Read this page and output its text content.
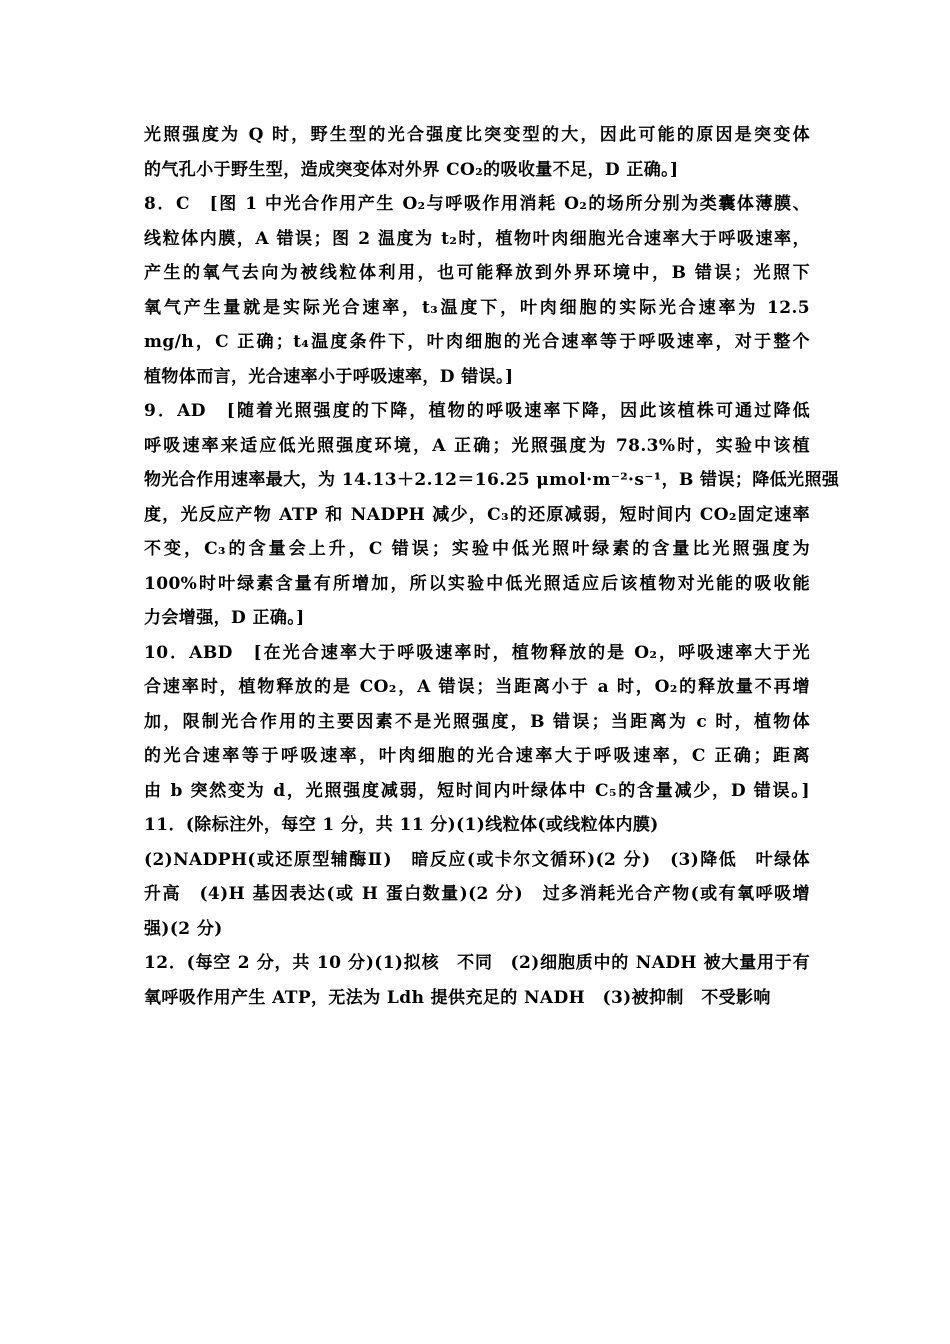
光照强度为 Q 时，野生型的光合强度比突变型的大，因此可能的原因是突变体
的气孔小于野生型，造成突变体对外界 CO₂的吸收量不足，D 正确。]
8．C　[图 1 中光合作用产生 O₂与呼吸作用消耗 O₂的场所分别为类囊体薄膜、
线粒体内膜，A 错误；图 2 温度为 t₂时，植物叶肉细胞光合速率大于呼吸速率，
产生的氧气去向为被线粒体利用，也可能释放到外界环境中，B 错误；光照下
氧气产生量就是实际光合速率，t₃温度下，叶肉细胞的实际光合速率为 12.5
mg/h，C 正确；t₄温度条件下，叶肉细胞的光合速率等于呼吸速率，对于整个
植物体而言，光合速率小于呼吸速率，D 错误。]
9．AD　[随着光照强度的下降，植物的呼吸速率下降，因此该植株可通过降低
呼吸速率来适应低光照强度环境，A 正确；光照强度为 78.3%时，实验中该植
物光合作用速率最大，为 14.13＋2.12＝16.25 μmol·m⁻²·s⁻¹，B 错误；降低光照强
度，光反应产物 ATP 和 NADPH 减少，C₃的还原减弱，短时间内 CO₂固定速率
不变，C₃的含量会上升，C 错误；实验中低光照叶绿素的含量比光照强度为
100%时叶绿素含量有所增加，所以实验中低光照适应后该植物对光能的吸收能
力会增强，D 正确。]
10．ABD　[在光合速率大于呼吸速率时，植物释放的是 O₂，呼吸速率大于光
合速率时，植物释放的是 CO₂，A 错误；当距离小于 a 时，O₂的释放量不再增
加，限制光合作用的主要因素不是光照强度，B 错误；当距离为 c 时，植物体
的光合速率等于呼吸速率，叶肉细胞的光合速率大于呼吸速率，C 正确；距离
由 b 突然变为 d，光照强度减弱，短时间内叶绿体中 C₅的含量减少，D 错误。]
11．(除标注外，每空 1 分，共 11 分)(1)线粒体(或线粒体内膜)
(2)NADPH(或还原型辅酶Ⅱ)　暗反应(或卡尔文循环)(2 分)　(3)降低　叶绿体
升高　(4)H 基因表达(或 H 蛋白数量)(2 分)　过多消耗光合产物(或有氧呼吸增
强)(2 分)
12．(每空 2 分，共 10 分)(1)拟核　不同　(2)细胞质中的 NADH 被大量用于有
氧呼吸作用产生 ATP，无法为 Ldh 提供充足的 NADH　(3)被抑制　不受影响
